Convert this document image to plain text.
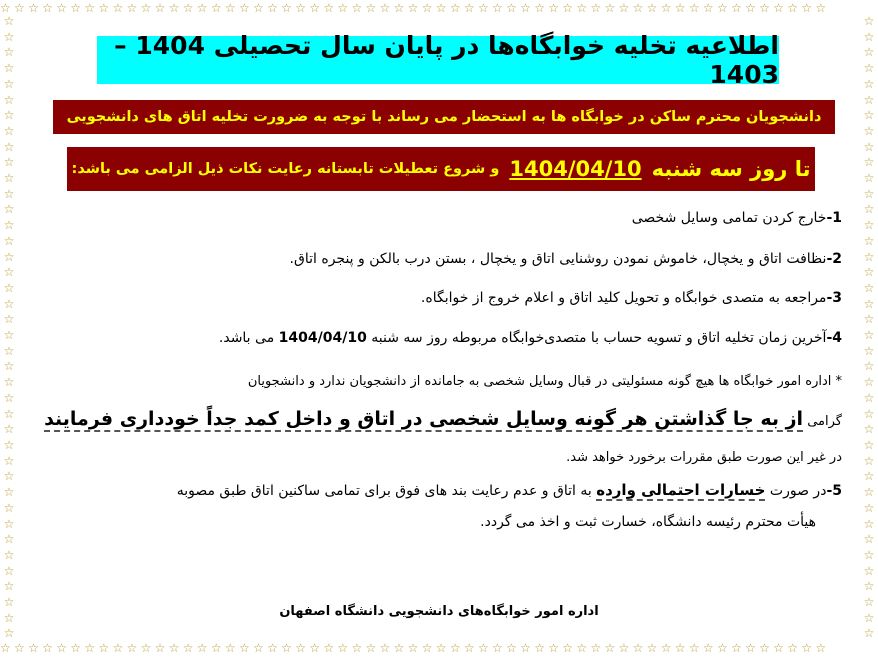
☆☆☆☆☆☆☆☆☆☆☆☆☆☆☆☆☆☆☆☆☆☆☆☆☆☆☆☆☆☆☆☆☆☆☆☆☆☆☆☆☆☆☆☆☆☆☆☆☆☆☆☆☆☆☆☆☆☆☆
☆☆☆☆☆☆☆☆☆☆☆☆☆☆☆☆☆☆☆☆☆☆☆☆☆☆☆☆☆☆☆☆☆☆☆☆☆☆☆☆☆☆☆☆☆☆☆☆☆☆☆☆☆☆☆☆☆☆☆
☆☆☆☆☆☆☆☆☆☆☆☆☆☆☆☆☆☆☆☆☆☆☆☆☆☆☆☆☆☆☆☆☆☆☆☆☆☆☆☆
☆☆☆☆☆☆☆☆☆☆☆☆☆☆☆☆☆☆☆☆☆☆☆☆☆☆☆☆☆☆☆☆☆☆☆☆☆☆☆☆
اطلاعیه تخلیه خوابگاه‌ها در پایان سال تحصیلی 1404 – 1403
دانشجویان محترم ساکن در خوابگاه ها به استحضار می رساند با توجه به ضرورت تخلیه اتاق های دانشجویی
تا روز سه شنبه
1404/04/10
و شروع تعطیلات تابستانه رعایت نکات ذیل الزامی می باشد:
1-خارج کردن تمامی وسایل شخصی
2-نظافت اتاق و یخچال، خاموش نمودن روشنایی اتاق و یخچال ، بستن درب بالکن و پنجره اتاق.
3-مراجعه به متصدی خوابگاه و تحویل کلید اتاق و اعلام خروج از خوابگاه.
4-آخرین زمان تخلیه اتاق و تسویه حساب با متصدی‌خوابگاه مربوطه روز سه شنبه 1404/04/10 می باشد.
* اداره امور خوابگاه ها هیچ گونه مسئولیتی در قبال وسایل شخصی به جامانده از دانشجویان ندارد و دانشجویان
گرامی از به جا گذاشتن هر گونه وسایل شخصی در اتاق و داخل کمد جداً خودداری فرمایند
در غیر این صورت طبق مقررات برخورد خواهد شد.
5-در صورت خسارات احتمالی وارده به اتاق و عدم رعایت بند های فوق برای تمامی ساکنین اتاق طبق مصوبه
هیأت محترم رئیسه دانشگاه، خسارت ثبت و اخذ می گردد.
اداره امور خوابگاه‌های دانشجویی دانشگاه اصفهان
